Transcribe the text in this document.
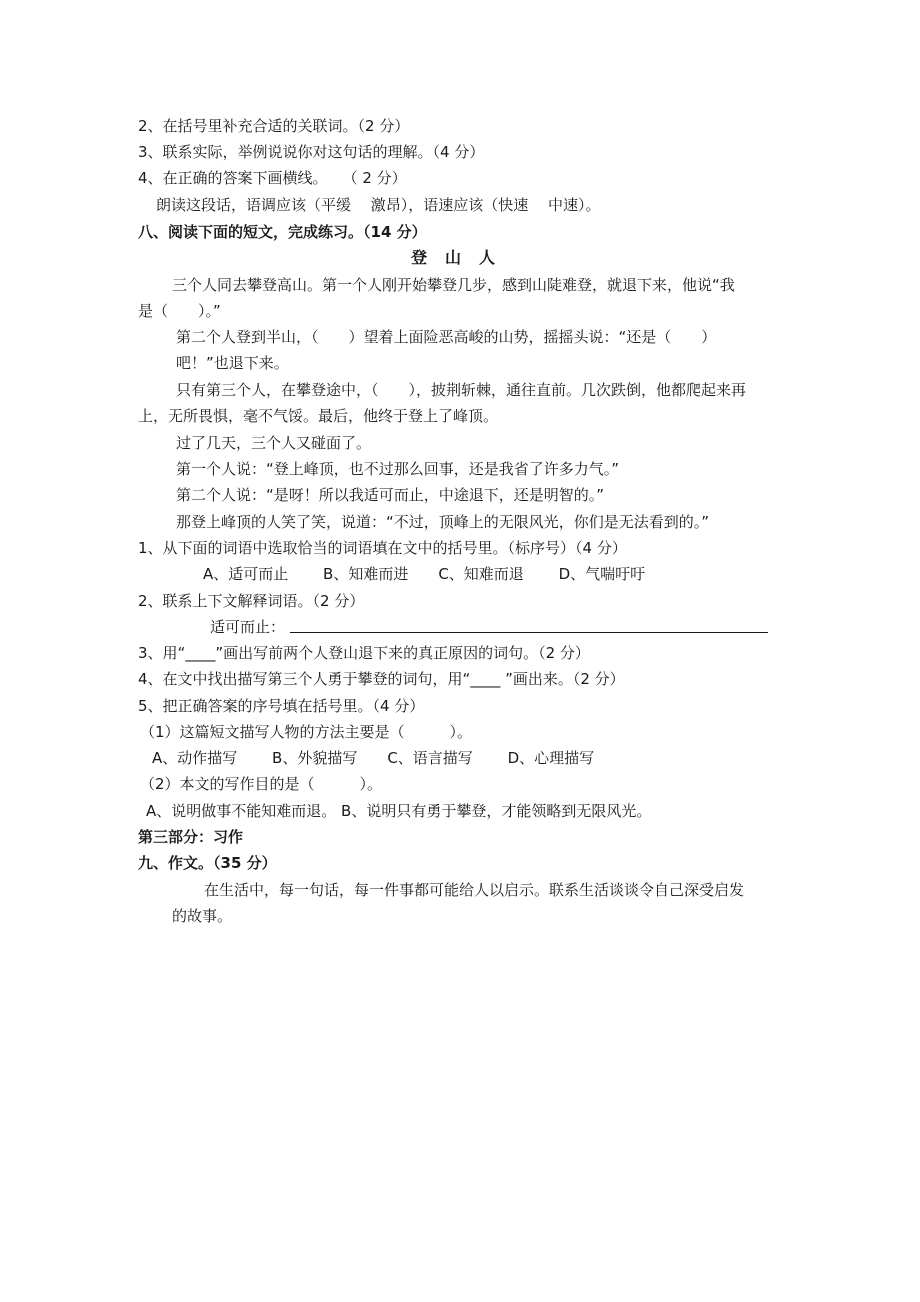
2、在括号里补充合适的关联词。（2 分）
3、联系实际，举例说说你对这句话的理解。（4 分）
4、在正确的答案下画横线。　　（ 2 分）
朗读这段话，语调应该（平缓　 激昂），语速应该（快速　 中速）。
八、阅读下面的短文，完成练习。（14 分）
登山人
三个人同去攀登高山。第一个人刚开始攀登几步，感到山陡难登，就退下来，他说“我
是（　　）。”
第二个人登到半山，（　　）望着上面险恶高峻的山势，摇摇头说：“还是（　　）
吧！”也退下来。
只有第三个人，在攀登途中，（　　），披荆斩棘，通往直前。几次跌倒，他都爬起来再
上，无所畏惧，毫不气馁。最后，他终于登上了峰顶。
过了几天，三个人又碰面了。
第一个人说：“登上峰顶，也不过那么回事，还是我省了许多力气。”
第二个人说：“是呀！所以我适可而止，中途退下，还是明智的。”
那登上峰顶的人笑了笑，说道：“不过，顶峰上的无限风光，你们是无法看到的。”
1、从下面的词语中选取恰当的词语填在文中的括号里。（标序号）（4 分）
A、适可而止　　 B、知难而进　　C、知难而退　　 D、气喘吁吁
2、联系上下文解释词语。（2 分）
适可而止：
3、用“____”画出写前两个人登山退下来的真正原因的词句。（2 分）
4、在文中找出描写第三个人勇于攀登的词句，用“____ ”画出来。（2 分）
5、把正确答案的序号填在括号里。（4 分）
（1）这篇短文描写人物的方法主要是（　　　）。
A、动作描写　　 B、外貌描写　　C、语言描写　　 D、心理描写
（2）本文的写作目的是（　　　）。
A、说明做事不能知难而退。 B、说明只有勇于攀登，才能领略到无限风光。
第三部分：习作
九、作文。（35 分）
在生活中，每一句话，每一件事都可能给人以启示。联系生活谈谈令自己深受启发
的故事。
